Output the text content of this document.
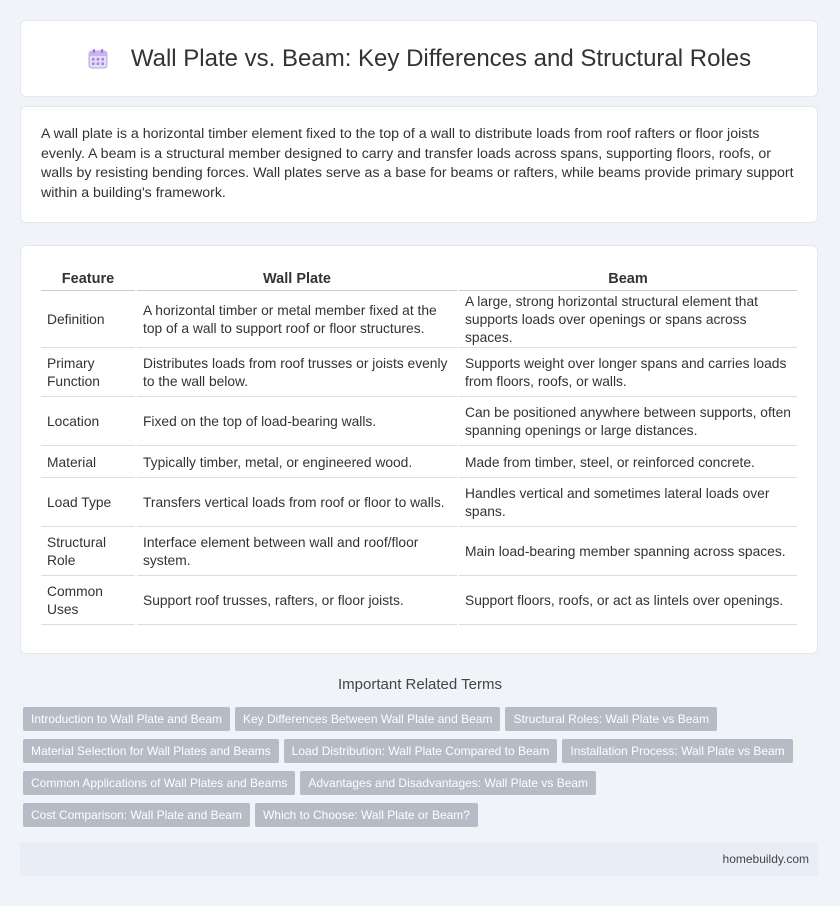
Wall Plate vs. Beam: Key Differences and Structural Roles

A wall plate is a horizontal timber element fixed to the top of a wall to distribute loads from roof rafters or floor joists evenly. A beam is a structural member designed to carry and transfer loads across spans, supporting floors, roofs, or walls by resisting bending forces. Wall plates serve as a base for beams or rafters, while beams provide primary support within a building's framework.

Feature	Wall Plate	Beam
Definition	A horizontal timber or metal member fixed at the top of a wall to support roof or floor structures.	A large, strong horizontal structural element that supports loads over openings or spans across spaces.
Primary Function	Distributes loads from roof trusses or joists evenly to the wall below.	Supports weight over longer spans and carries loads from floors, roofs, or walls.
Location	Fixed on the top of load-bearing walls.	Can be positioned anywhere between supports, often spanning openings or large distances.
Material	Typically timber, metal, or engineered wood.	Made from timber, steel, or reinforced concrete.
Load Type	Transfers vertical loads from roof or floor to walls.	Handles vertical and sometimes lateral loads over spans.
Structural Role	Interface element between wall and roof/floor system.	Main load-bearing member spanning across spaces.
Common Uses	Support roof trusses, rafters, or floor joists.	Support floors, roofs, or act as lintels over openings.
Important Related Terms
Introduction to Wall Plate and Beam Key Differences Between Wall Plate and Beam Structural Roles: Wall Plate vs Beam
Material Selection for Wall Plates and Beams Load Distribution: Wall Plate Compared to Beam Installation Process: Wall Plate vs Beam
Common Applications of Wall Plates and Beams Advantages and Disadvantages: Wall Plate vs Beam
Cost Comparison: Wall Plate and Beam Which to Choose: Wall Plate or Beam?
homebuildy.com
